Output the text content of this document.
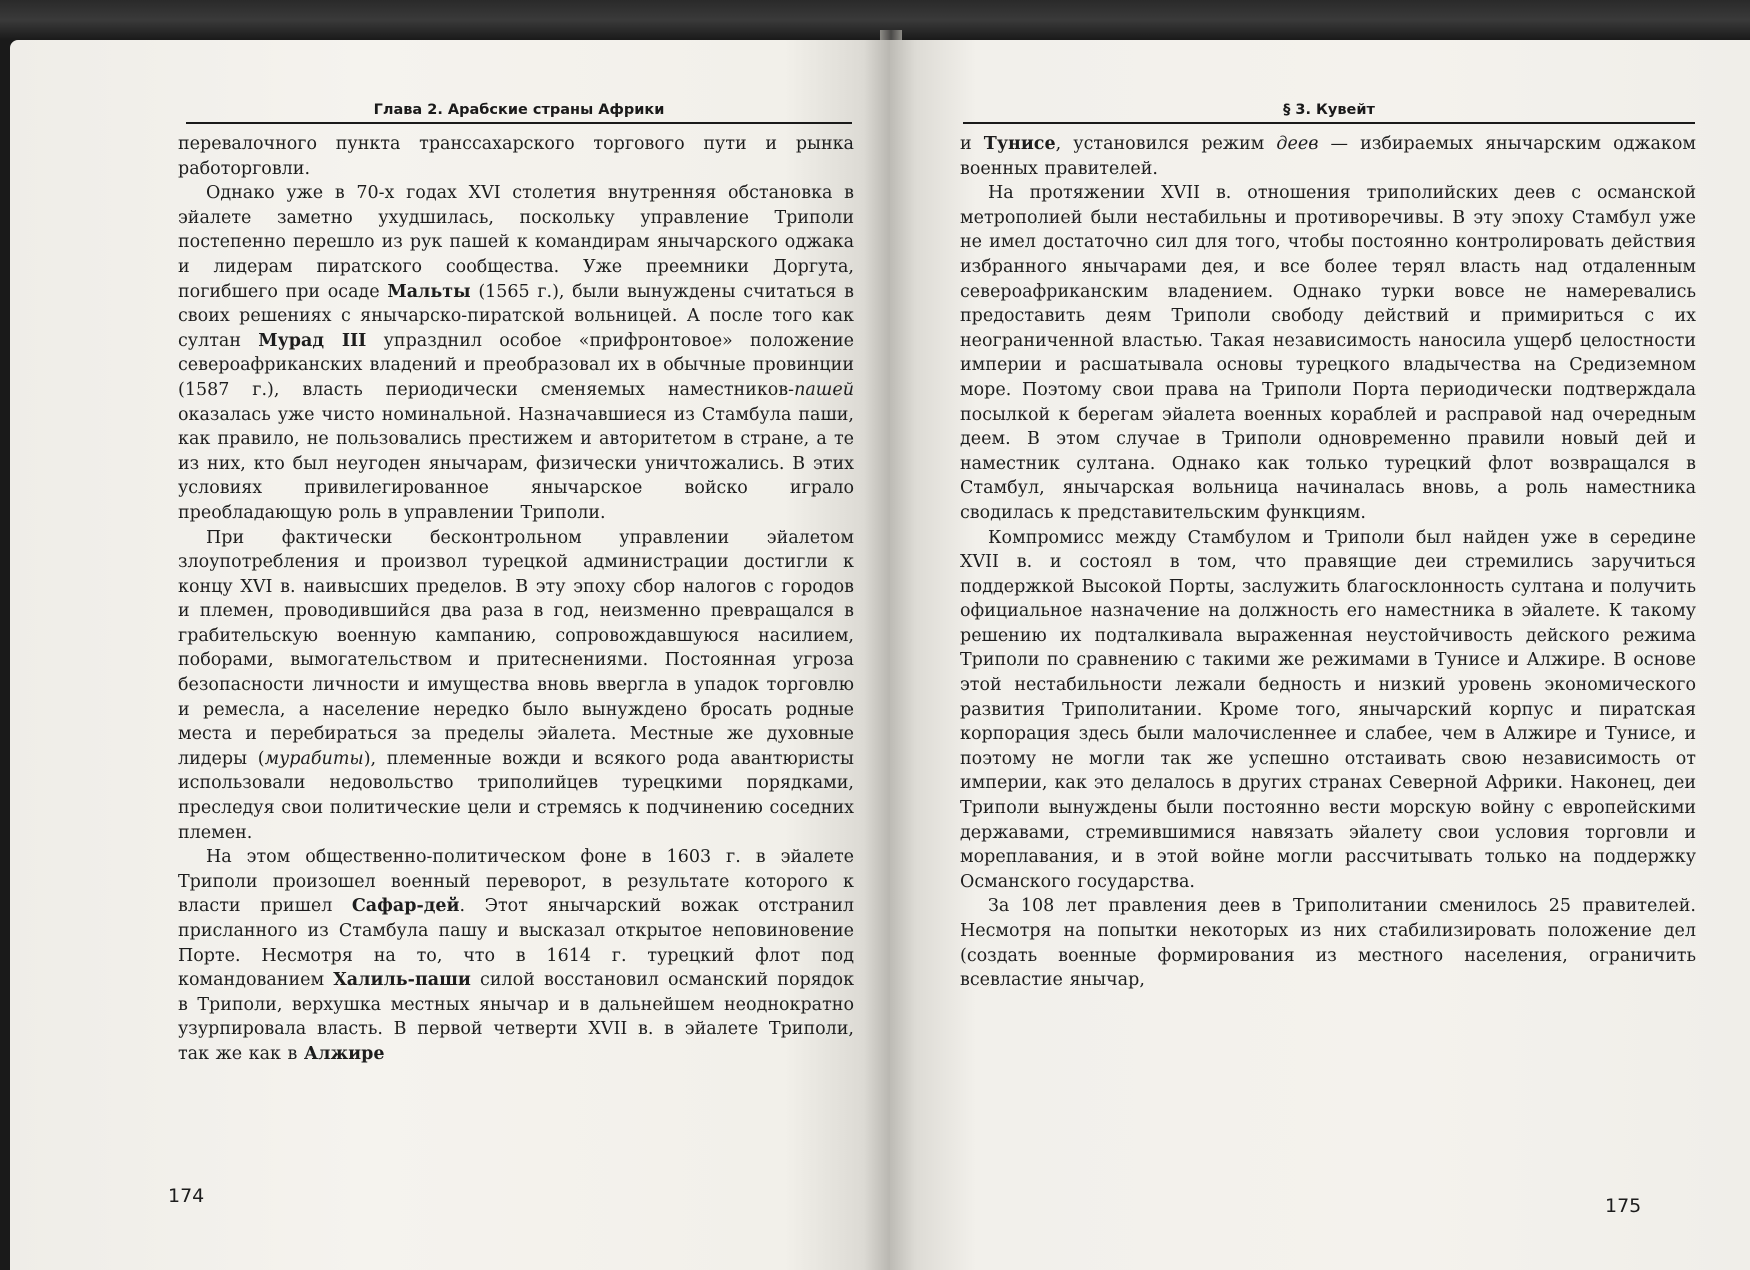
Глава 2. Арабские страны Африки

перевалочного пункта транссахарского торгового пути и рынка работорговли.

Однако уже в 70-х годах XVI столетия внутренняя обстановка в эйалете заметно ухудшилась, поскольку управление Триполи постепенно перешло из рук пашей к командирам янычарского оджака и лидерам пиратского сообщества. Уже преемники Доргута, погибшего при осаде Мальты (1565 г.), были вынуждены считаться в своих решениях с янычарско-пиратской вольницей. А после того как султан Мурад III упразднил особое «прифронтовое» положение североафриканских владений и преобразовал их в обычные провинции (1587 г.), власть периодически сменяемых наместников-пашей оказалась уже чисто номинальной. Назначавшиеся из Стамбула паши, как правило, не пользовались престижем и авторитетом в стране, а те из них, кто был неугоден янычарам, физически уничтожались. В этих условиях привилегированное янычарское войско играло преобладающую роль в управлении Триполи.

При фактически бесконтрольном управлении эйалетом злоупотребления и произвол турецкой администрации достигли к концу XVI в. наивысших пределов. В эту эпоху сбор налогов с городов и племен, проводившийся два раза в год, неизменно превращался в грабительскую военную кампанию, сопровождавшуюся насилием, поборами, вымогательством и притеснениями. Постоянная угроза безопасности личности и имущества вновь ввергла в упадок торговлю и ремесла, а население нередко было вынуждено бросать родные места и перебираться за пределы эйалета. Местные же духовные лидеры (мурабиты), племенные вожди и всякого рода авантюристы использовали недовольство триполийцев турецкими порядками, преследуя свои политические цели и стремясь к подчинению соседних племен.

На этом общественно-политическом фоне в 1603 г. в эйалете Триполи произошел военный переворот, в результате которого к власти пришел Сафар-дей. Этот янычарский вожак отстранил присланного из Стамбула пашу и высказал открытое неповиновение Порте. Несмотря на то, что в 1614 г. турецкий флот под командованием Халиль-паши силой восстановил османский порядок в Триполи, верхушка местных янычар и в дальнейшем неоднократно узурпировала власть. В первой четверти XVII в. в эйалете Триполи, так же как в Алжире

174
§ 3. Кувейт

и Тунисе, установился режим деев — избираемых янычарским оджаком военных правителей.

На протяжении XVII в. отношения триполийских деев с османской метрополией были нестабильны и противоречивы. В эту эпоху Стамбул уже не имел достаточно сил для того, чтобы постоянно контролировать действия избранного янычарами дея, и все более терял власть над отдаленным североафриканским владением. Однако турки вовсе не намеревались предоставить деям Триполи свободу действий и примириться с их неограниченной властью. Такая независимость наносила ущерб целостности империи и расшатывала основы турецкого владычества на Средиземном море. Поэтому свои права на Триполи Порта периодически подтверждала посылкой к берегам эйалета военных кораблей и расправой над очередным деем. В этом случае в Триполи одновременно правили новый дей и наместник султана. Однако как только турецкий флот возвращался в Стамбул, янычарская вольница начиналась вновь, а роль наместника сводилась к представительским функциям.

Компромисс между Стамбулом и Триполи был найден уже в середине XVII в. и состоял в том, что правящие деи стремились заручиться поддержкой Высокой Порты, заслужить благосклонность султана и получить официальное назначение на должность его наместника в эйалете. К такому решению их подталкивала выраженная неустойчивость дейского режима Триполи по сравнению с такими же режимами в Тунисе и Алжире. В основе этой нестабильности лежали бедность и низкий уровень экономического развития Триполитании. Кроме того, янычарский корпус и пиратская корпорация здесь были малочисленнее и слабее, чем в Алжире и Тунисе, и поэтому не могли так же успешно отстаивать свою независимость от империи, как это делалось в других странах Северной Африки. Наконец, деи Триполи вынуждены были постоянно вести морскую войну с европейскими державами, стремившимися навязать эйалету свои условия торговли и мореплавания, и в этой войне могли рассчитывать только на поддержку Османского государства.

За 108 лет правления деев в Триполитании сменилось 25 правителей. Несмотря на попытки некоторых из них стабилизировать положение дел (создать военные формирования из местного населения, ограничить всевластие янычар,

175
